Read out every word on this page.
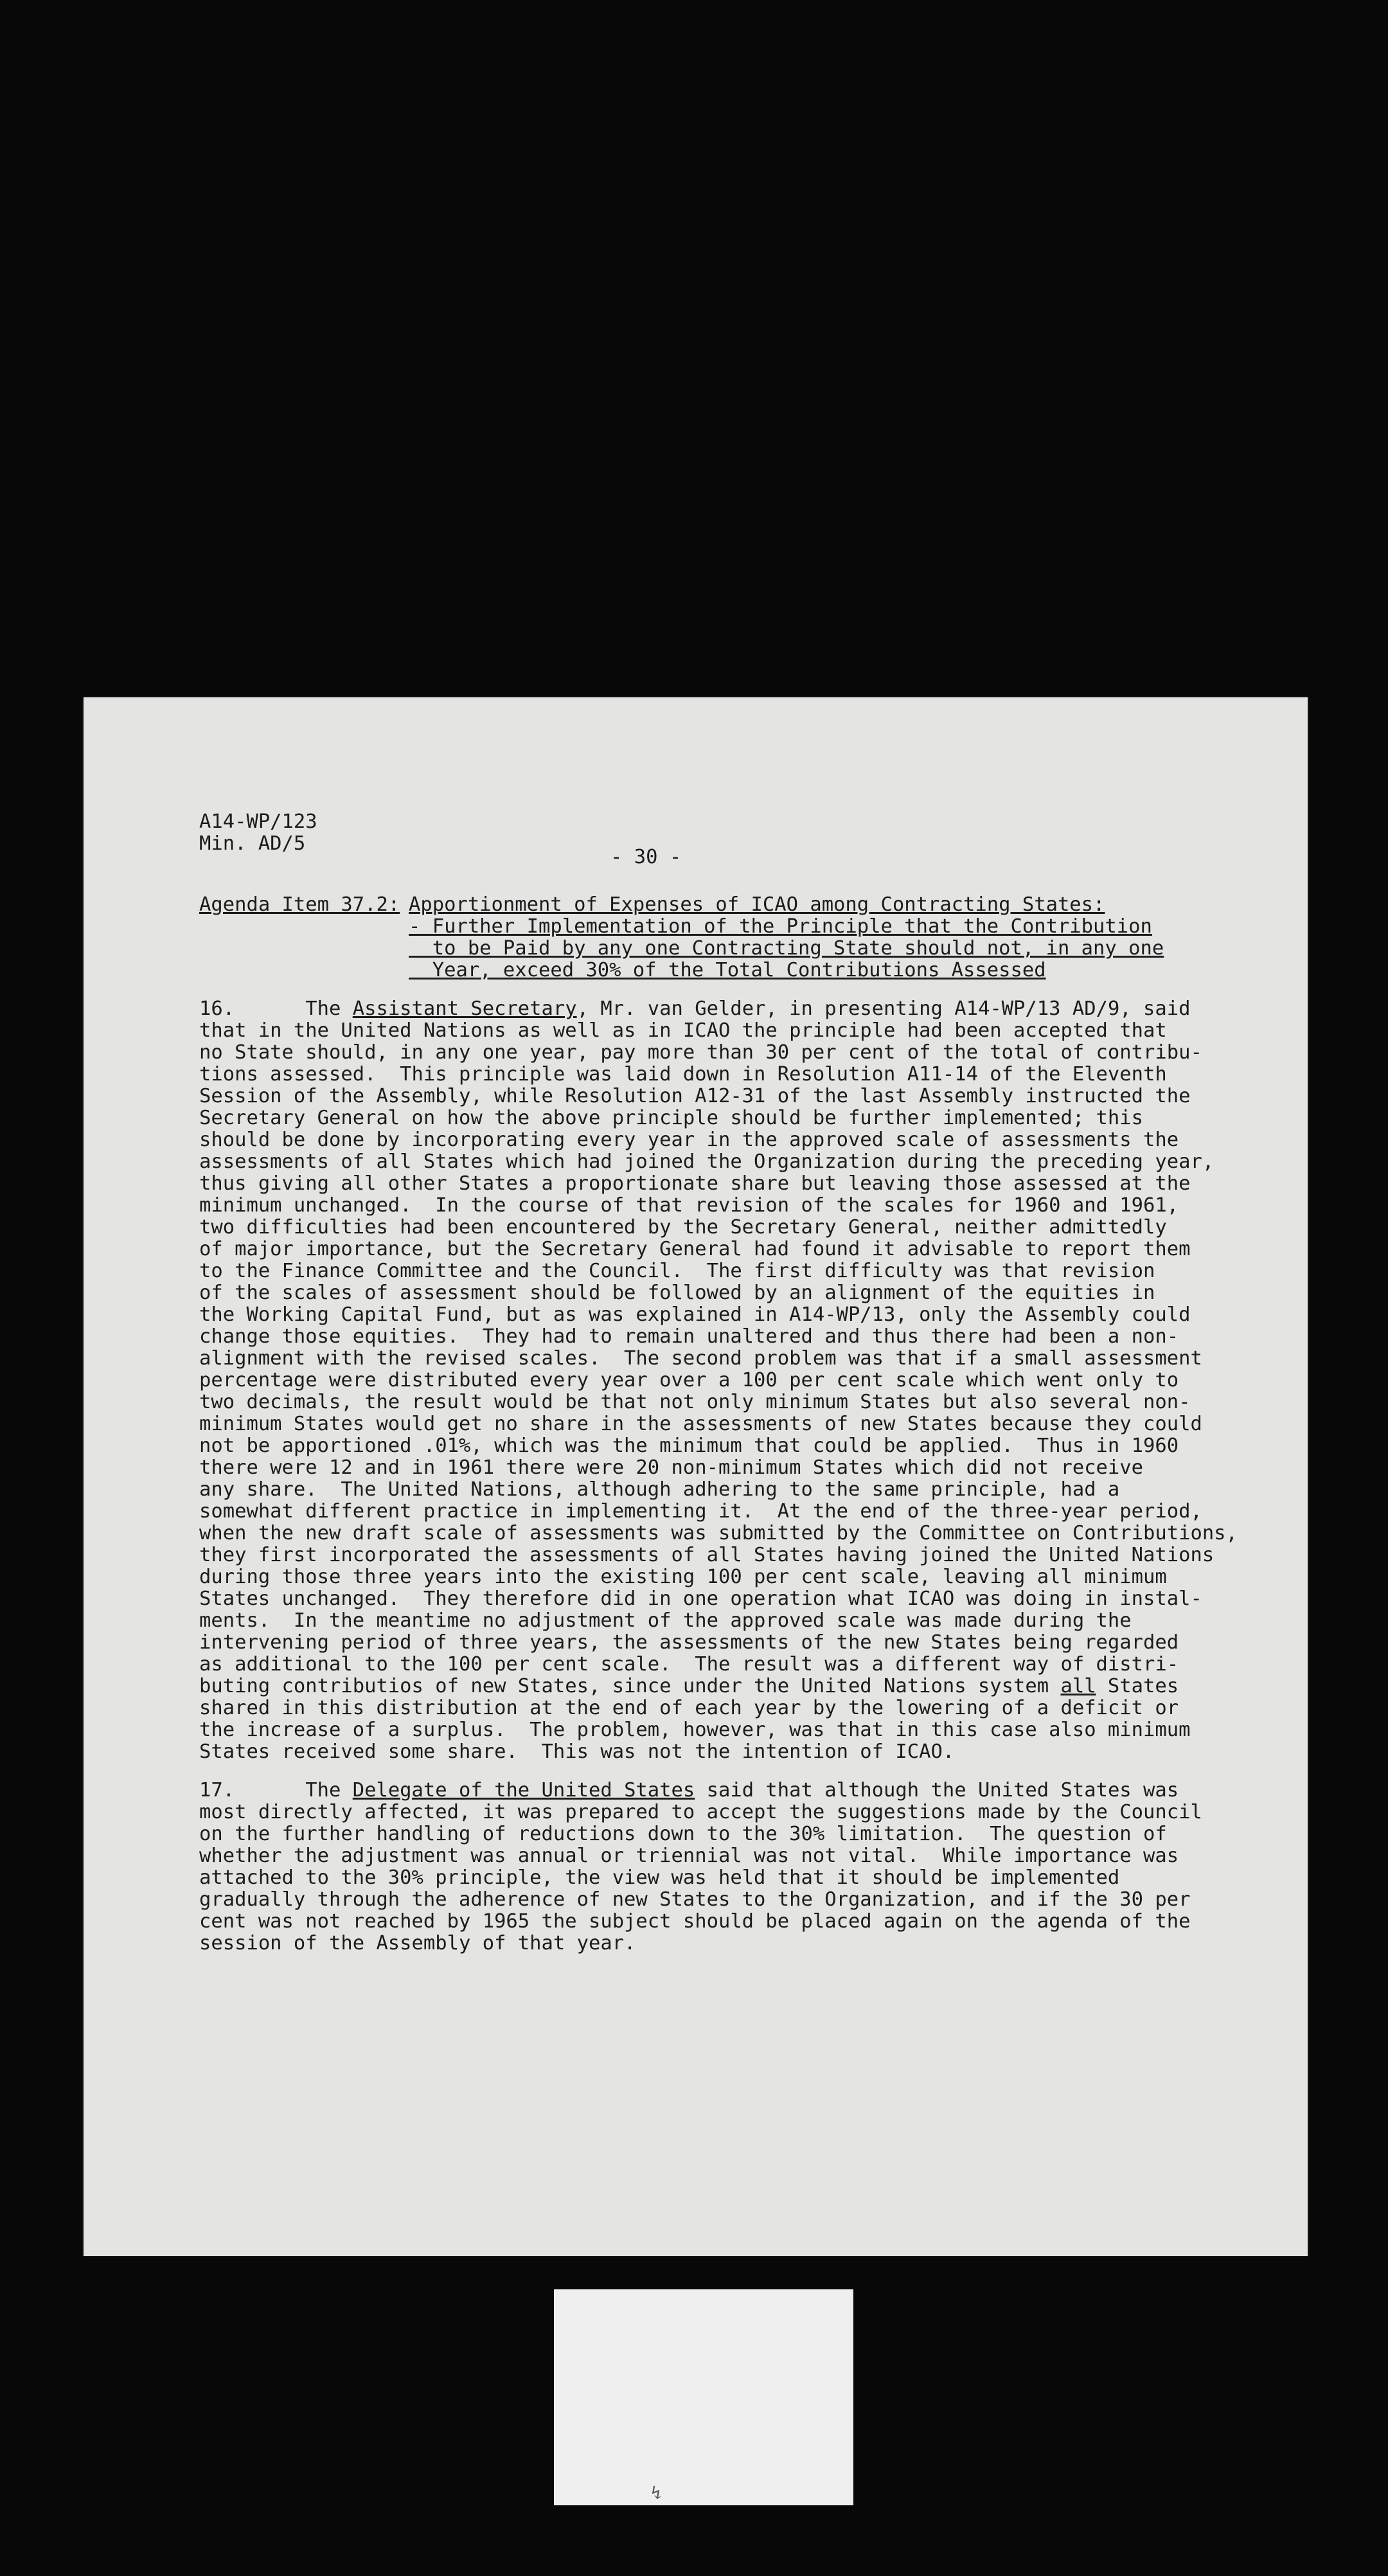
A14-WP/123
Min. AD/5
- 30 -
Agenda Item 37.2: Apportionment of Expenses of ICAO among Contracting States:
- Further Implementation of the Principle that the Contribution
to be Paid by any one Contracting State should not, in any one
Year, exceed 30% of the Total Contributions Assessed
16.	The Assistant Secretary, Mr. van Gelder, in presenting A14-WP/13 AD/9, said
that in the United Nations as well as in ICAO the principle had been accepted that
no State should, in any one year, pay more than 30 per cent of the total of contribu-
tions assessed.  This principle was laid down in Resolution A11-14 of the Eleventh
Session of the Assembly, while Resolution A12-31 of the last Assembly instructed the
Secretary General on how the above principle should be further implemented; this
should be done by incorporating every year in the approved scale of assessments the
assessments of all States which had joined the Organization during the preceding year,
thus giving all other States a proportionate share but leaving those assessed at the
minimum unchanged.  In the course of that revision of the scales for 1960 and 1961,
two difficulties had been encountered by the Secretary General, neither admittedly
of major importance, but the Secretary General had found it advisable to report them
to the Finance Committee and the Council.  The first difficulty was that revision
of the scales of assessment should be followed by an alignment of the equities in
the Working Capital Fund, but as was explained in A14-WP/13, only the Assembly could
change those equities.  They had to remain unaltered and thus there had been a non-
alignment with the revised scales.  The second problem was that if a small assessment
percentage were distributed every year over a 100 per cent scale which went only to
two decimals, the result would be that not only minimum States but also several non-
minimum States would get no share in the assessments of new States because they could
not be apportioned .01%, which was the minimum that could be applied.  Thus in 1960
there were 12 and in 1961 there were 20 non-minimum States which did not receive
any share.  The United Nations, although adhering to the same principle, had a
somewhat different practice in implementing it.  At the end of the three-year period,
when the new draft scale of assessments was submitted by the Committee on Contributions,
they first incorporated the assessments of all States having joined the United Nations
during those three years into the existing 100 per cent scale, leaving all minimum
States unchanged.  They therefore did in one operation what ICAO was doing in instal-
ments.  In the meantime no adjustment of the approved scale was made during the
intervening period of three years, the assessments of the new States being regarded
as additional to the 100 per cent scale.  The result was a different way of distri-
buting contributios of new States, since under the United Nations system all States
shared in this distribution at the end of each year by the lowering of a deficit or
the increase of a surplus.  The problem, however, was that in this case also minimum
States received some share.  This was not the intention of ICAO.
17.	The Delegate of the United States said that although the United States was
most directly affected, it was prepared to accept the suggestions made by the Council
on the further handling of reductions down to the 30% limitation.  The question of
whether the adjustment was annual or triennial was not vital.  While importance was
attached to the 30% principle, the view was held that it should be implemented
gradually through the adherence of new States to the Organization, and if the 30 per
cent was not reached by 1965 the subject should be placed again on the agenda of the
session of the Assembly of that year.
↯
